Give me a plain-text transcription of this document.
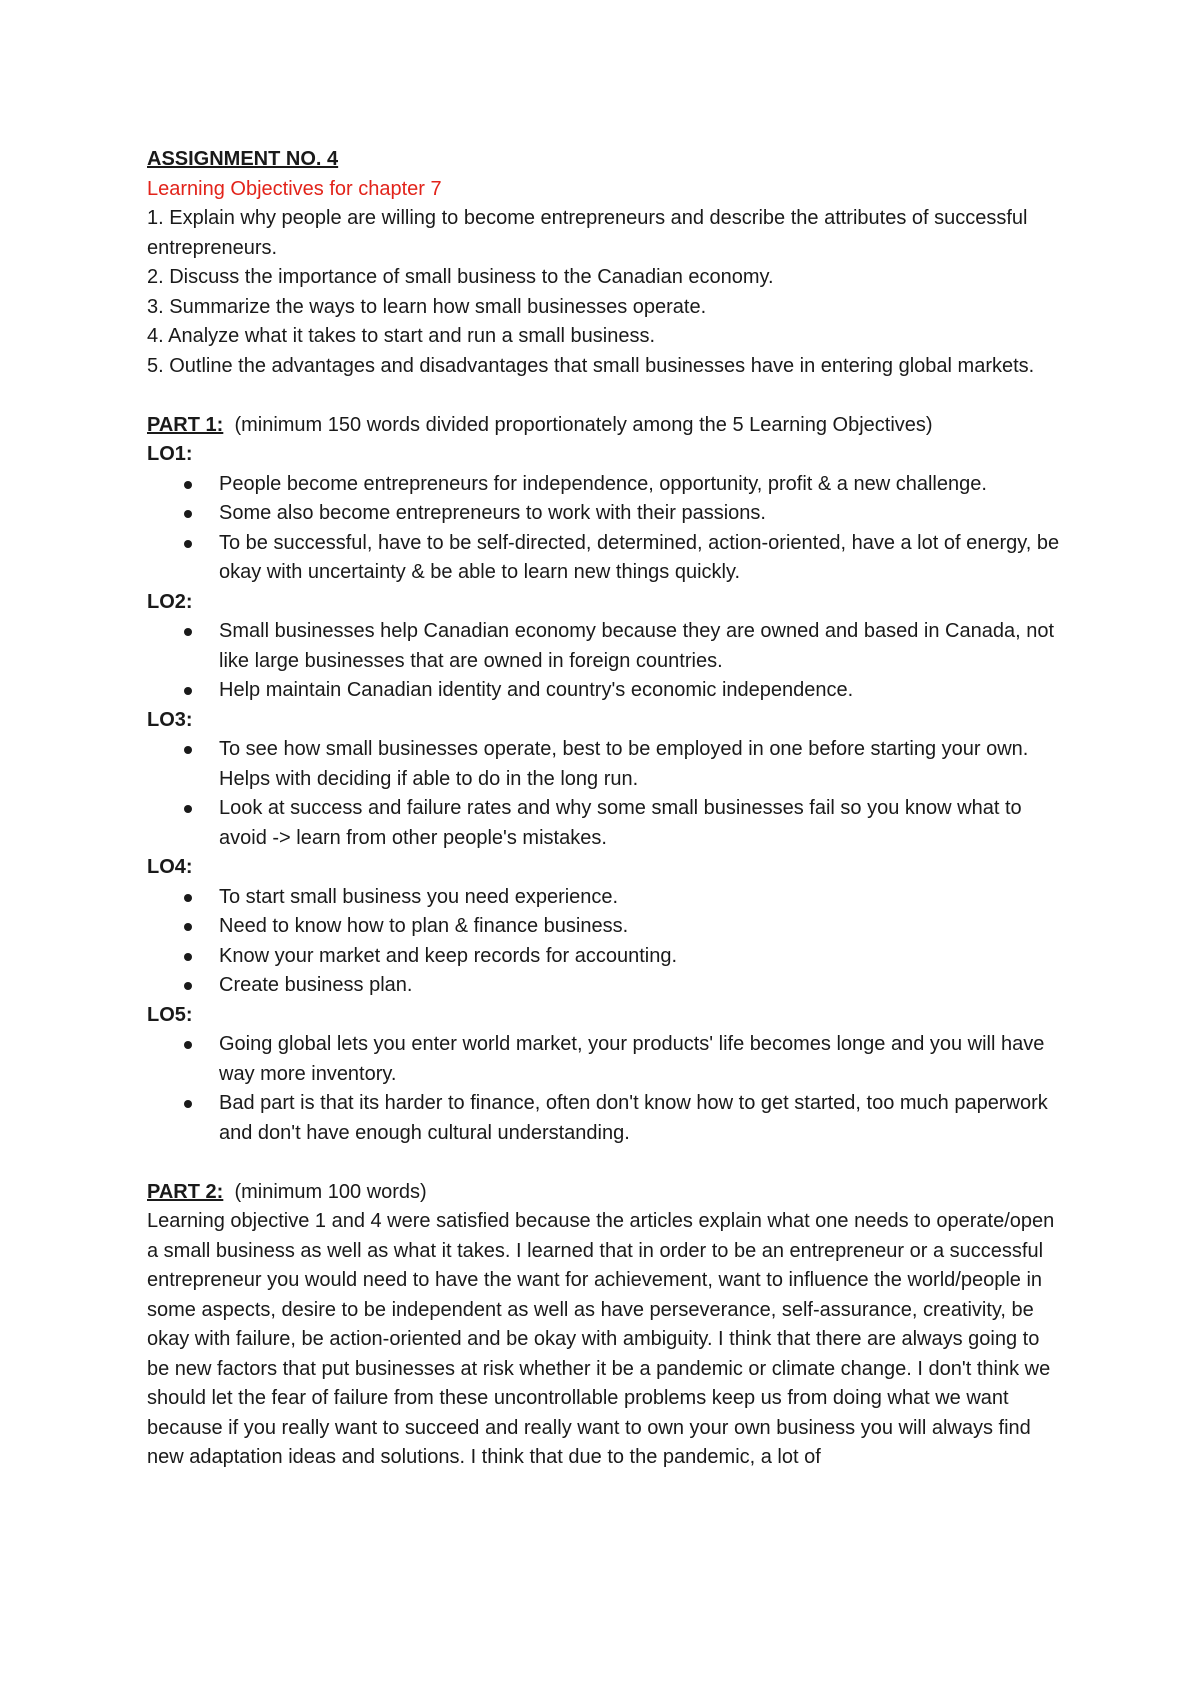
ASSIGNMENT NO. 4
Learning Objectives for chapter 7
1. Explain why people are willing to become entrepreneurs and describe the attributes of successful entrepreneurs.
2. Discuss the importance of small business to the Canadian economy.
3. Summarize the ways to learn how small businesses operate.
4. Analyze what it takes to start and run a small business.
5. Outline the advantages and disadvantages that small businesses have in entering global markets.
PART 1: (minimum 150 words divided proportionately among the 5 Learning Objectives)
LO1:
People become entrepreneurs for independence, opportunity, profit & a new challenge.
Some also become entrepreneurs to work with their passions.
To be successful, have to be self-directed, determined, action-oriented, have a lot of energy, be okay with uncertainty & be able to learn new things quickly.
LO2:
Small businesses help Canadian economy because they are owned and based in Canada, not like large businesses that are owned in foreign countries.
Help maintain Canadian identity and country's economic independence.
LO3:
To see how small businesses operate, best to be employed in one before starting your own. Helps with deciding if able to do in the long run.
Look at success and failure rates and why some small businesses fail so you know what to avoid -> learn from other people's mistakes.
LO4:
To start small business you need experience.
Need to know how to plan & finance business.
Know your market and keep records for accounting.
Create business plan.
LO5:
Going global lets you enter world market, your products' life becomes longe and you will have way more inventory.
Bad part is that its harder to finance, often don't know how to get started, too much paperwork and don't have enough cultural understanding.
PART 2: (minimum 100 words)
Learning objective 1 and 4 were satisfied because the articles explain what one needs to operate/open a small business as well as what it takes. I learned that in order to be an entrepreneur or a successful entrepreneur you would need to have the want for achievement, want to influence the world/people in some aspects, desire to be independent as well as have perseverance, self-assurance, creativity, be okay with failure, be action-oriented and be okay with ambiguity. I think that there are always going to be new factors that put businesses at risk whether it be a pandemic or climate change. I don't think we should let the fear of failure from these uncontrollable problems keep us from doing what we want because if you really want to succeed and really want to own your own business you will always find new adaptation ideas and solutions. I think that due to the pandemic, a lot of
